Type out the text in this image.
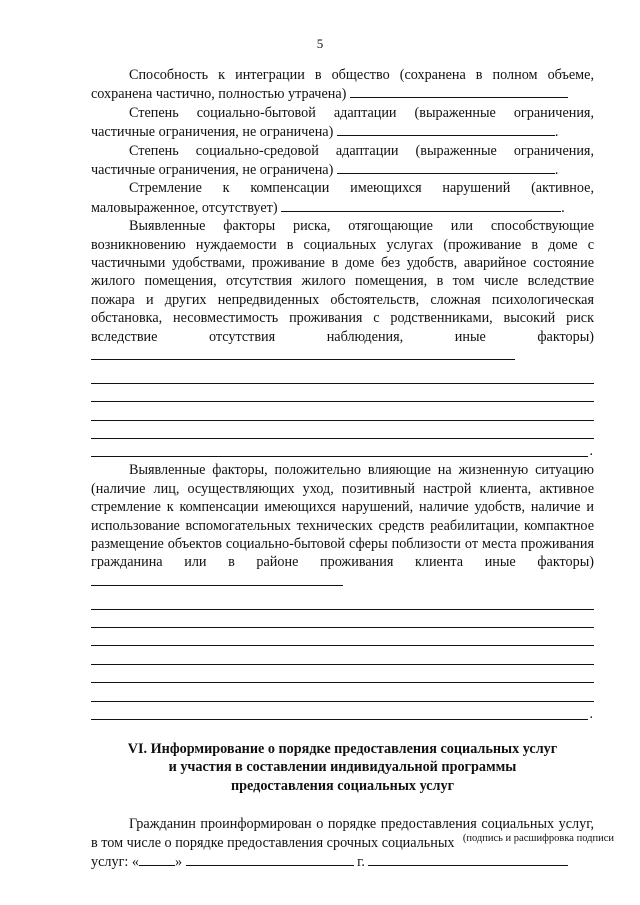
5

Способность к интеграции в общество (сохранена в полном объеме, сохранена частично, полностью утрачена)

Степень социально-бытовой адаптации (выраженные ограничения, частичные ограничения, не ограничена)	.

Степень социально-средовой адаптации (выраженные ограничения, частичные ограничения, не ограничена)	.

Стремление к компенсации имеющихся нарушений (активное, маловыраженное, отсутствует)	.

Выявленные факторы риска, отягощающие или способствующие возникновению нуждаемости в социальных услугах (проживание в доме с частичными удобствами, проживание в доме без удобств, аварийное состояние жилого помещения, отсутствия жилого помещения, в том числе вследствие пожара и других непредвиденных обстоятельств, сложная психологическая обстановка, несовместимость проживания с родственниками, высокий риск вследствие отсутствия наблюдения, иные факторы)

.

Выявленные факторы, положительно влияющие на жизненную ситуацию (наличие лиц, осуществляющих уход, позитивный настрой клиента, активное стремление к компенсации имеющихся нарушений, наличие удобств, наличие и использование вспомогательных технических средств реабилитации, компактное размещение объектов социально-бытовой сферы поблизости от места проживания гражданина или в районе проживания клиента иные факторы)

.

VI. Информирование о порядке предоставления социальных услуг

и участия в составлении индивидуальной программы

предоставления социальных услуг

Гражданин проинформирован о порядке предоставления социальных услуг, в том числе о порядке предоставления срочных социальных

услуг: «	»	г.
(подпись и расшифровка подписи
